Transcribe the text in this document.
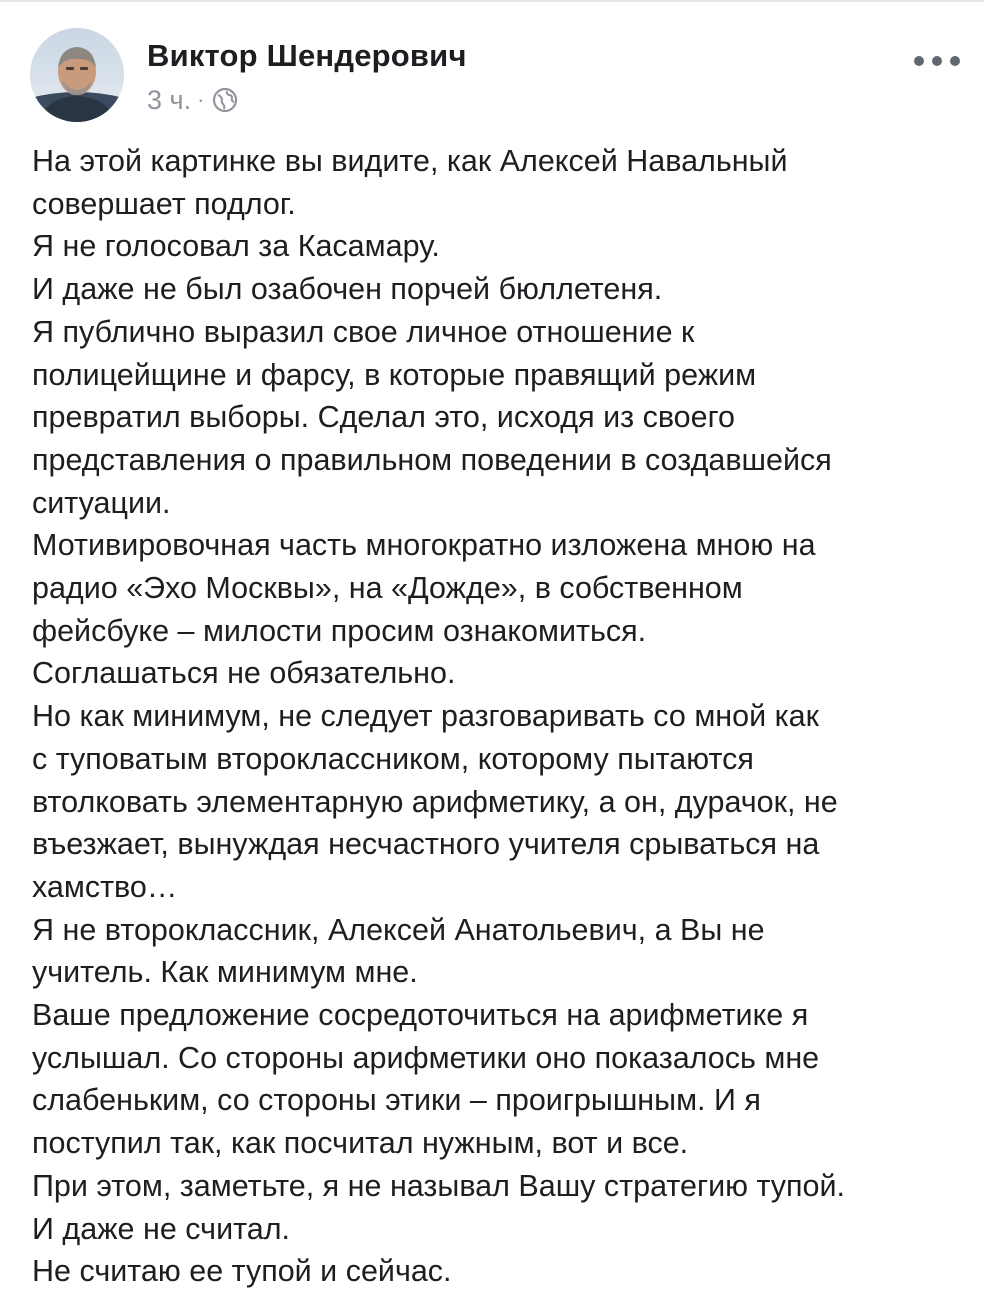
Виктор Шендерович
3 ч. ·

На этой картинке вы видите, как Алексей Навальный

совершает подлог.

Я не голосовал за Касамару.

И даже не был озабочен порчей бюллетеня.

Я публично выразил свое личное отношение к

полицейщине и фарсу, в которые правящий режим

превратил выборы. Сделал это, исходя из своего

представления о правильном поведении в создавшейся

ситуации.

Мотивировочная часть многократно изложена мною на

радио «Эхо Москвы», на «Дожде», в собственном

фейсбуке – милости просим ознакомиться.

Соглашаться не обязательно.

Но как минимум, не следует разговаривать со мной как

с туповатым второклассником, которому пытаются

втолковать элементарную арифметику, а он, дурачок, не

въезжает, вынуждая несчастного учителя срываться на

хамство…

Я не второклассник, Алексей Анатольевич, а Вы не

учитель. Как минимум мне.

Ваше предложение сосредоточиться на арифметике я

услышал. Со стороны арифметики оно показалось мне

слабеньким, со стороны этики – проигрышным. И я

поступил так, как посчитал нужным, вот и все.

При этом, заметьте, я не называл Вашу стратегию тупой.

И даже не считал.

Не считаю ее тупой и сейчас.
